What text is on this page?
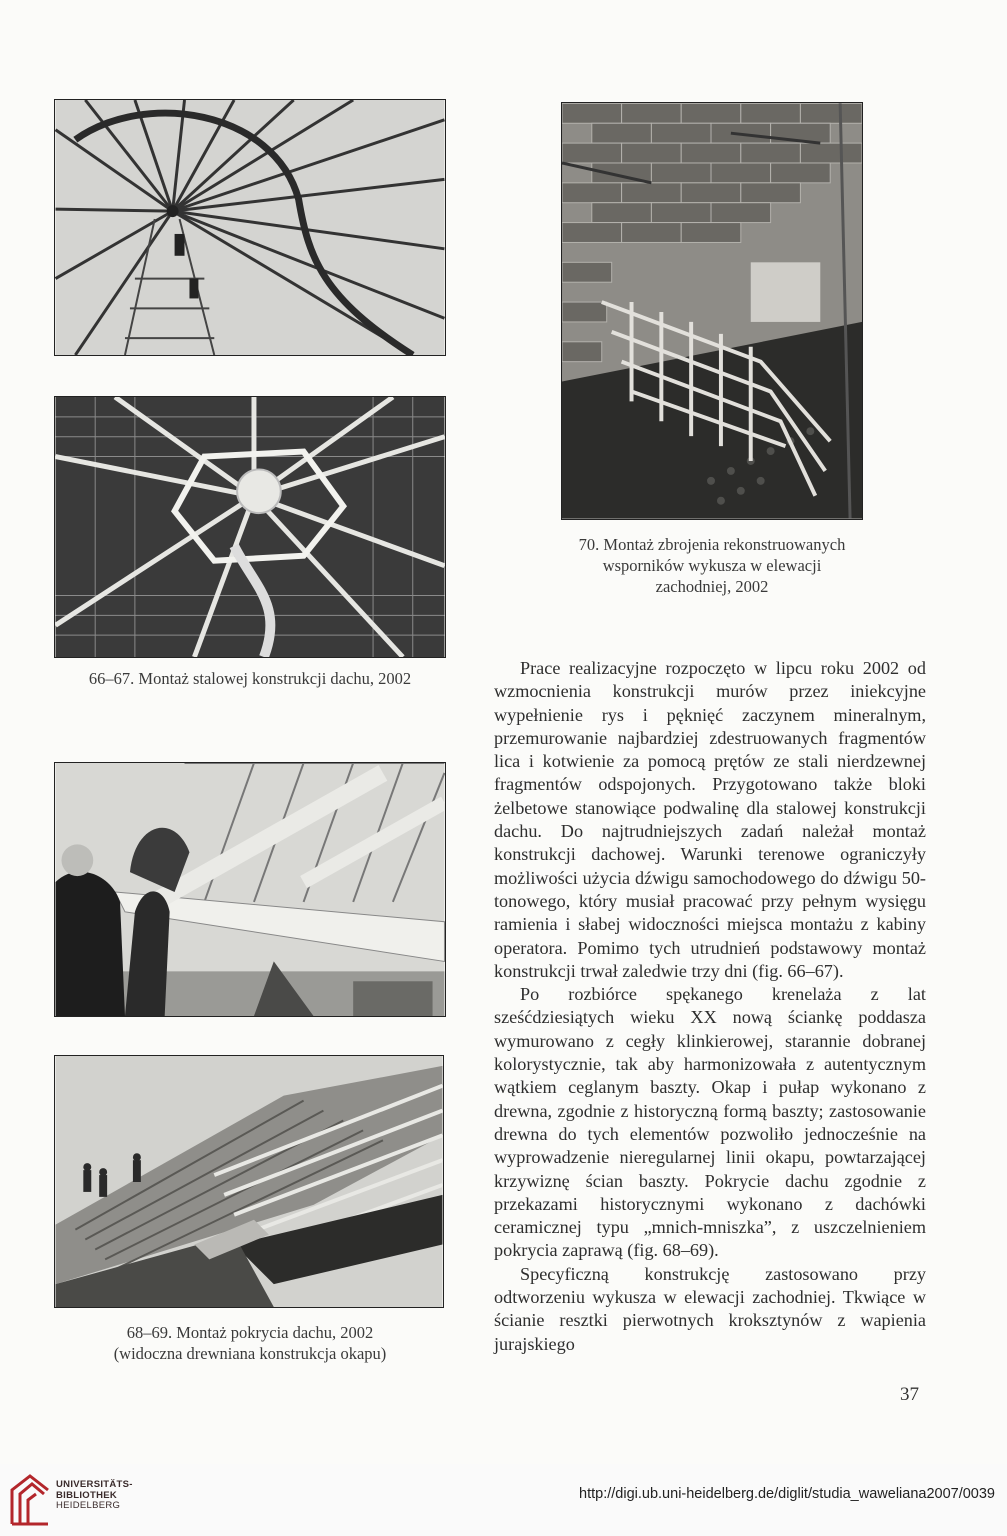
66–67. Montaż stalowej konstrukcji dachu, 2002

70. Montaż zbrojenia rekonstruowanych
wsporników wykusza w elewacji
zachodniej, 2002

68–69. Montaż pokrycia dachu, 2002
(widoczna drewniana konstrukcja okapu)

Prace realizacyjne rozpoczęto w lipcu roku 2002 od wzmocnienia konstrukcji murów przez iniekcyjne wypełnienie rys i pęknięć zaczynem mineralnym, przemurowanie najbardziej zdestruowanych fragmentów lica i kotwienie za pomocą prętów ze stali nierdzewnej fragmentów odspojonych. Przygotowano także bloki żelbetowe stanowiące podwalinę dla stalowej konstrukcji dachu. Do najtrudniejszych zadań należał montaż konstrukcji dachowej. Warunki terenowe ograniczyły możliwości użycia dźwigu samochodowego do dźwigu 50-tonowego, który musiał pracować przy pełnym wysięgu ramienia i słabej widoczności miejsca montażu z kabiny operatora. Pomimo tych utrudnień podstawowy montaż konstrukcji trwał zaledwie trzy dni (fig. 66–67).

Po rozbiórce spękanego krenelaża z lat sześćdziesiątych wieku XX nową ściankę poddasza wymurowano z cegły klinkierowej, starannie dobranej kolorystycznie, tak aby harmonizowała z autentycznym wątkiem ceglanym baszty. Okap i pułap wykonano z drewna, zgodnie z historyczną formą baszty; zastosowanie drewna do tych elementów pozwoliło jednocześnie na wyprowadzenie nieregularnej linii okapu, powtarzającej krzywiznę ścian baszty. Pokrycie dachu zgodnie z przekazami historycznymi wykonano z dachówki ceramicznej typu „mnich-mniszka”, z uszczelnieniem pokrycia zaprawą (fig. 68–69).

Specyficzną konstrukcję zastosowano przy odtworzeniu wykusza w elewacji zachodniej. Tkwiące w ścianie resztki pierwotnych kroksztynów z wapienia jurajskiego

37
UNIVERSITÄTS-
BIBLIOTHEK
HEIDELBERG
http://digi.ub.uni-heidelberg.de/diglit/studia_waweliana2007/0039
